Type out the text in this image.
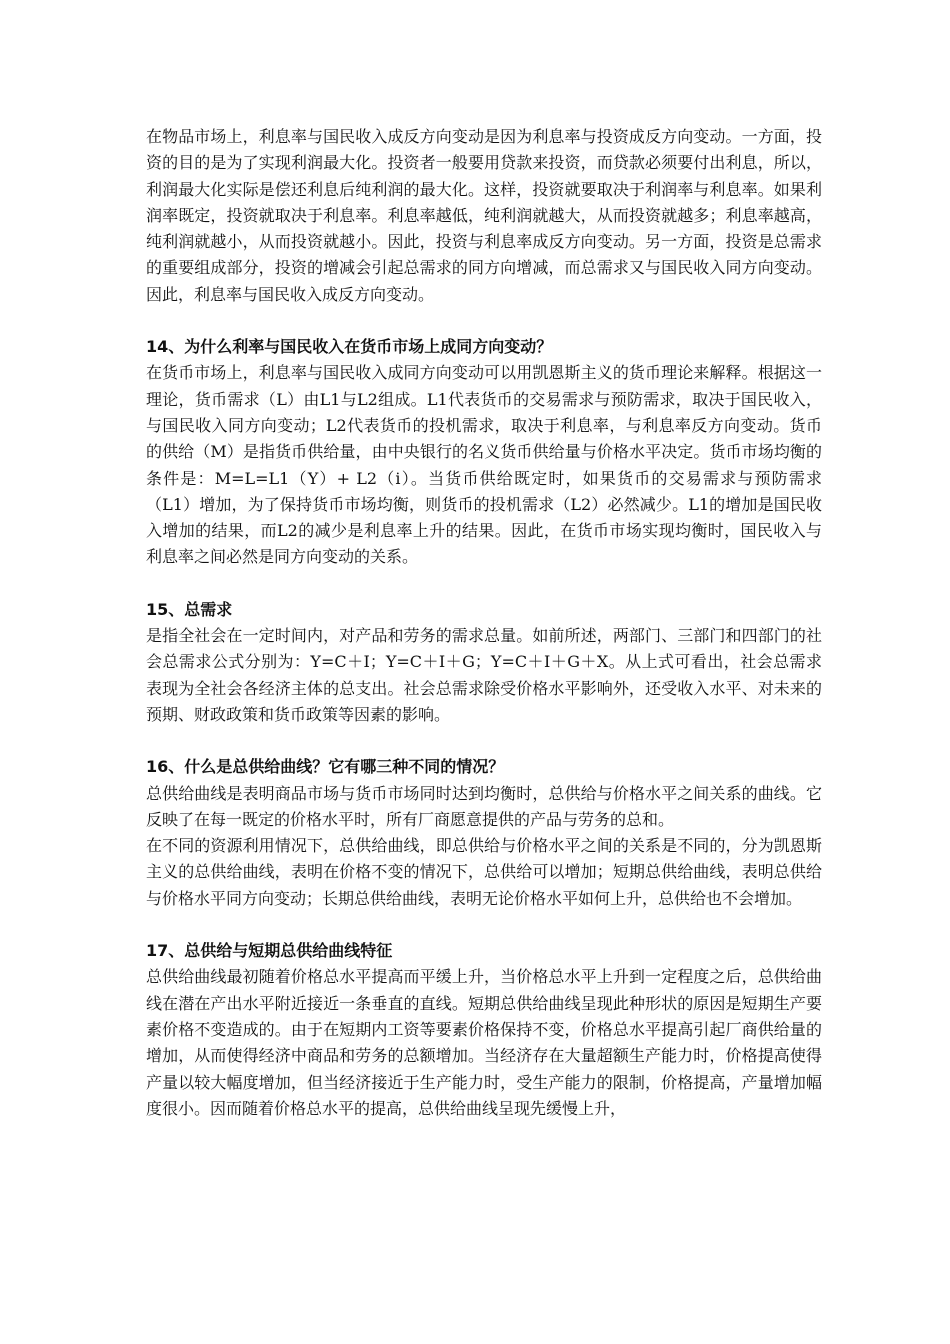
在物品市场上，利息率与国民收入成反方向变动是因为利息率与投资成反方向变动。一方面，投资的目的是为了实现利润最大化。投资者一般要用贷款来投资，而贷款必须要付出利息，所以，利润最大化实际是偿还利息后纯利润的最大化。这样，投资就要取决于利润率与利息率。如果利润率既定，投资就取决于利息率。利息率越低，纯利润就越大，从而投资就越多；利息率越高，纯利润就越小，从而投资就越小。因此，投资与利息率成反方向变动。另一方面，投资是总需求的重要组成部分，投资的增减会引起总需求的同方向增减，而总需求又与国民收入同方向变动。因此，利息率与国民收入成反方向变动。

14、为什么利率与国民收入在货币市场上成同方向变动？

在货币市场上，利息率与国民收入成同方向变动可以用凯恩斯主义的货币理论来解释。根据这一理论，货币需求（L）由L1与L2组成。L1代表货币的交易需求与预防需求，取决于国民收入，与国民收入同方向变动；L2代表货币的投机需求，取决于利息率，与利息率反方向变动。货币的供给（M）是指货币供给量，由中央银行的名义货币供给量与价格水平决定。货币市场均衡的条件是：M=L=L1（Y）+ L2（i）。当货币供给既定时，如果货币的交易需求与预防需求（L1）增加，为了保持货币市场均衡，则货币的投机需求（L2）必然减少。L1的增加是国民收入增加的结果，而L2的减少是利息率上升的结果。因此，在货币市场实现均衡时，国民收入与利息率之间必然是同方向变动的关系。

15、总需求

是指全社会在一定时间内，对产品和劳务的需求总量。如前所述，两部门、三部门和四部门的社会总需求公式分别为：Y=C＋I；Y=C＋I＋G；Y=C＋I＋G＋X。从上式可看出，社会总需求表现为全社会各经济主体的总支出。社会总需求除受价格水平影响外，还受收入水平、对未来的预期、财政政策和货币政策等因素的影响。

16、什么是总供给曲线？它有哪三种不同的情况？

总供给曲线是表明商品市场与货币市场同时达到均衡时，总供给与价格水平之间关系的曲线。它反映了在每一既定的价格水平时，所有厂商愿意提供的产品与劳务的总和。

在不同的资源利用情况下，总供给曲线，即总供给与价格水平之间的关系是不同的，分为凯恩斯主义的总供给曲线，表明在价格不变的情况下，总供给可以增加；短期总供给曲线，表明总供给与价格水平同方向变动；长期总供给曲线，表明无论价格水平如何上升，总供给也不会增加。

17、总供给与短期总供给曲线特征

总供给曲线最初随着价格总水平提高而平缓上升，当价格总水平上升到一定程度之后，总供给曲线在潜在产出水平附近接近一条垂直的直线。短期总供给曲线呈现此种形状的原因是短期生产要素价格不变造成的。由于在短期内工资等要素价格保持不变，价格总水平提高引起厂商供给量的增加，从而使得经济中商品和劳务的总额增加。当经济存在大量超额生产能力时，价格提高使得产量以较大幅度增加，但当经济接近于生产能力时，受生产能力的限制，价格提高，产量增加幅度很小。因而随着价格总水平的提高，总供给曲线呈现先缓慢上升，
